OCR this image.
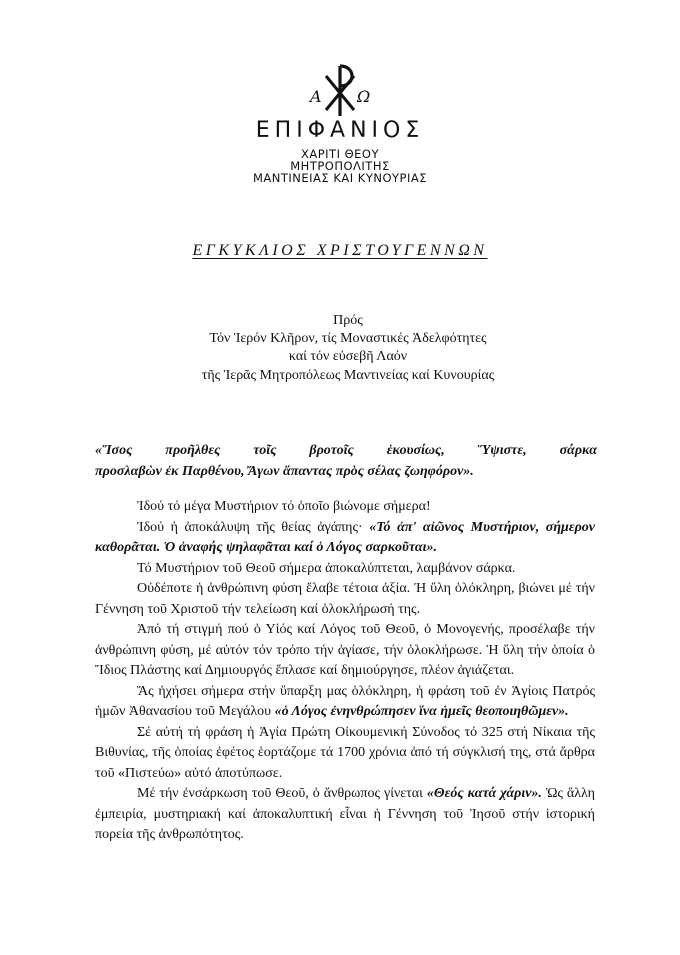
Α Ω
ΕΠΙΦΑΝΙΟΣ
ΧΑΡΙΤΙ ΘΕΟΥ
ΜΗΤΡΟΠΟΛΙΤΗΣ
ΜΑΝΤΙΝΕΙΑΣ ΚΑΙ ΚΥΝΟΥΡΙΑΣ
ΕΓΚΥΚΛΙΟΣ ΧΡΙΣΤΟΥΓΕΝΝΩΝ
Πρός
Τόν Ἱερόν Κλῆρον, τίς Μοναστικές Ἀδελφότητες
καί τόν εὐσεβῆ Λαόν
τῆς Ἱερᾶς Μητροπόλεως Μαντινείας καί Κυνουρίας
«Ἴσος προῆλθες τοῖς βροτοῖς ἑκουσίως, Ὕψιστε, σάρκα
προσλαβὼν ἐκ Παρθένου, Ἄγων ἅπαντας πρὸς σέλας ζωηφόρον».

Ἰδού τό μέγα Μυστήριον τό ὁποῖο βιώνομε σήμερα!

Ἰδού ἡ ἀποκάλυψη τῆς θείας ἀγάπης· «Τό ἀπ' αἰῶνος Μυστήριον, σήμερον καθορᾶται. Ὁ ἀναφής ψηλαφᾶται καί ὁ Λόγος σαρκοῦται».

Τό Μυστήριον τοῦ Θεοῦ σήμερα ἀποκαλύπτεται, λαμβάνον σάρκα.

Οὐδέποτε ἡ ἀνθρώπινη φύση ἔλαβε τέτοια ἀξία. Ἡ ὕλη ὁλόκληρη, βιώνει μέ τήν Γέννηση τοῦ Χριστοῦ τήν τελείωση καί ὁλοκλήρωσή της.

Ἀπό τή στιγμή πού ὁ Υἱός καί Λόγος τοῦ Θεοῦ, ὁ Μονογενής, προσέλαβε τήν ἀνθρώπινη φύση, μέ αὐτόν τόν τρόπο τήν ἁγίασε, τήν ὁλοκλήρωσε. Ἡ ὕλη τήν ὁποία ὁ Ἴδιος Πλάστης καί Δημιουργός ἔπλασε καί δημιούργησε, πλέον ἁγιάζεται.

Ἄς ἠχήσει σήμερα στήν ὕπαρξη μας ὁλόκληρη, ἡ φράση τοῦ ἐν Ἁγίοις Πατρός ἡμῶν Ἀθανασίου τοῦ Μεγάλου «ὁ Λόγος ἐνηνθρώπησεν ἵνα ἡμεῖς θεοποιηθῶμεν».

Σέ αὐτή τή φράση ἡ Ἁγία Πρώτη Οἰκουμενική Σύνοδος τό 325 στή Νίκαια τῆς Βιθυνίας, τῆς ὁποίας ἐφέτος ἑορτάζομε τά 1700 χρόνια ἀπό τή σύγκλισή της, στά ἄρθρα τοῦ «Πιστεύω» αὐτό ἀποτύπωσε.

Μέ τήν ἐνσάρκωση τοῦ Θεοῦ, ὁ ἄνθρωπος γίνεται «Θεός κατά χάριν». Ὡς ἄλλη ἐμπειρία, μυστηριακή καί ἀποκαλυπτική εἶναι ἡ Γέννηση τοῦ Ἰησοῦ στήν ἱστορική πορεία τῆς ἀνθρωπότητος.
